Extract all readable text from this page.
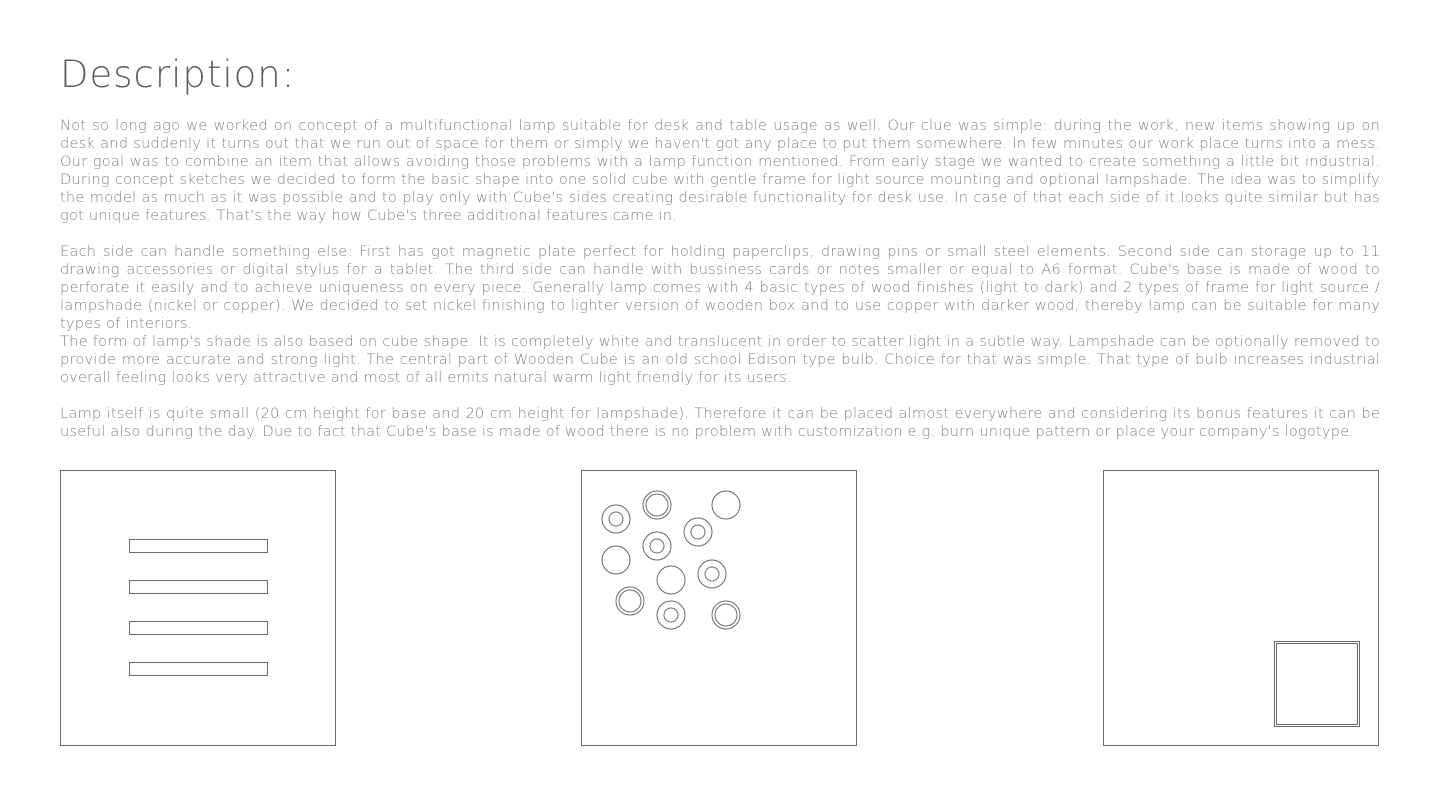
Description:

Not so long ago we worked on concept of a multifunctional lamp suitable for desk and table usage as well. Our clue was simple: during the work, new items showing up on desk and suddenly it turns out that we run out of space for them or simply we haven't got any place to put them somewhere. In few minutes our work place turns into a mess. Our goal was to combine an item that allows avoiding those problems with a lamp function mentioned. From early stage we wanted to create something a little bit industrial. During concept sketches we decided to form the basic shape into one solid cube with gentle frame for light source mounting and optional lampshade. The idea was to simplify the model as much as it was possible and to play only with Cube's sides creating desirable functionality for desk use. In case of that each side of it looks quite similar but has got unique features. That's the way how Cube's three additional features came in.

Each side can handle something else: First has got magnetic plate perfect for holding paperclips, drawing pins or small steel elements. Second side can storage up to 11 drawing accessories or digital stylus for a tablet. The third side can handle with bussiness cards or notes smaller or equal to A6 format. Cube's base is made of wood to perforate it easily and to achieve uniqueness on every piece. Generally lamp comes with 4 basic types of wood finishes (light to dark) and 2 types of frame for light source / lampshade (nickel or copper). We decided to set nickel finishing to lighter version of wooden box and to use copper with darker wood, thereby lamp can be suitable for many types of interiors.

The form of lamp's shade is also based on cube shape. It is completely white and translucent in order to scatter light in a subtle way. Lampshade can be optionally removed to provide more accurate and strong light. The central part of Wooden Cube is an old school Edison type bulb. Choice for that was simple. That type of bulb increases industrial overall feeling looks very attractive and most of all emits natural warm light friendly for its users.

Lamp itself is quite small (20 cm height for base and 20 cm height for lampshade). Therefore it can be placed almost everywhere and considering its bonus features it can be useful also during the day. Due to fact that Cube's base is made of wood there is no problem with customization e.g. burn unique pattern or place your company's logotype.
